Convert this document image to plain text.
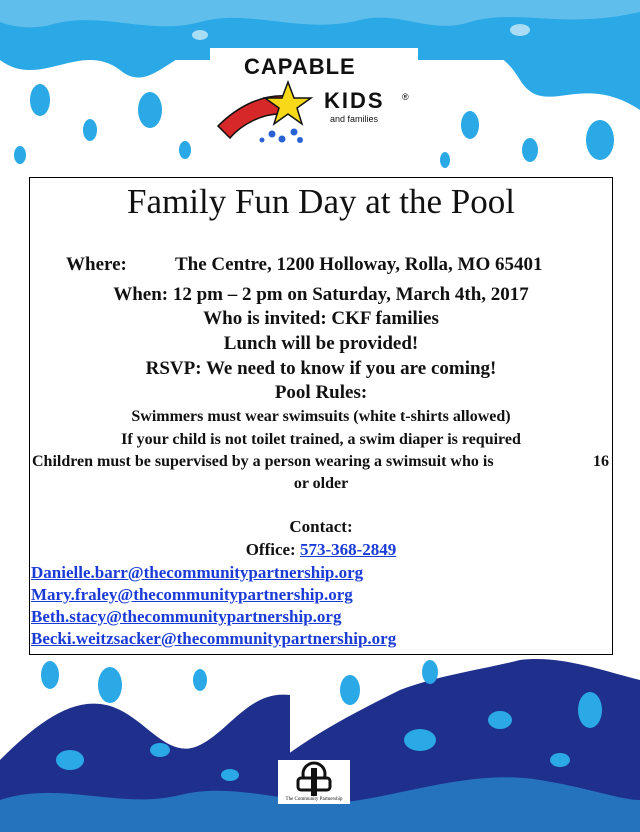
CAPABLE
KIDS ®
and families
Family Fun Day at the Pool
Where:	The Centre, 1200 Holloway, Rolla, MO 65401
When: 12 pm – 2 pm on Saturday, March 4th, 2017
Who is invited: CKF families
Lunch will be provided!
RSVP: We need to know if you are coming!
Pool Rules:
Swimmers must wear swimsuits (white t-shirts allowed)
If your child is not toilet trained, a swim diaper is required
Children must be supervised by a person wearing a swimsuit who is	16
or older
Contact:
Office: 573-368-2849
Danielle.barr@thecommunitypartnership.org
Mary.fraley@thecommunitypartnership.org
Beth.stacy@thecommunitypartnership.org
Becki.weitzsacker@thecommunitypartnership.org
The Community Partnership
